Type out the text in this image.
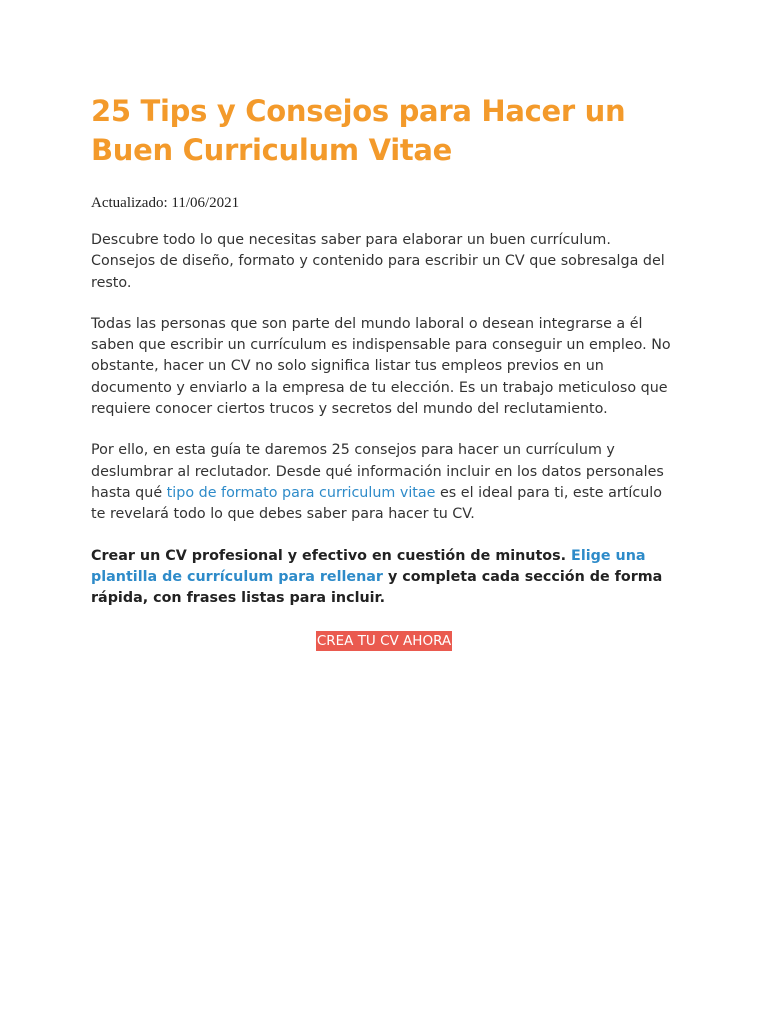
25 Tips y Consejos para Hacer un Buen Curriculum Vitae

Actualizado: 11/06/2021

Descubre todo lo que necesitas saber para elaborar un buen currículum. Consejos de diseño, formato y contenido para escribir un CV que sobresalga del resto.

Todas las personas que son parte del mundo laboral o desean integrarse a él saben que escribir un currículum es indispensable para conseguir un empleo. No obstante, hacer un CV no solo significa listar tus empleos previos en un documento y enviarlo a la empresa de tu elección. Es un trabajo meticuloso que requiere conocer ciertos trucos y secretos del mundo del reclutamiento.

Por ello, en esta guía te daremos 25 consejos para hacer un currículum y deslumbrar al reclutador. Desde qué información incluir en los datos personales hasta qué tipo de formato para curriculum vitae es el ideal para ti, este artículo te revelará todo lo que debes saber para hacer tu CV.

Crear un CV profesional y efectivo en cuestión de minutos. Elige una plantilla de currículum para rellenar y completa cada sección de forma rápida, con frases listas para incluir.

CREA TU CV AHORA
